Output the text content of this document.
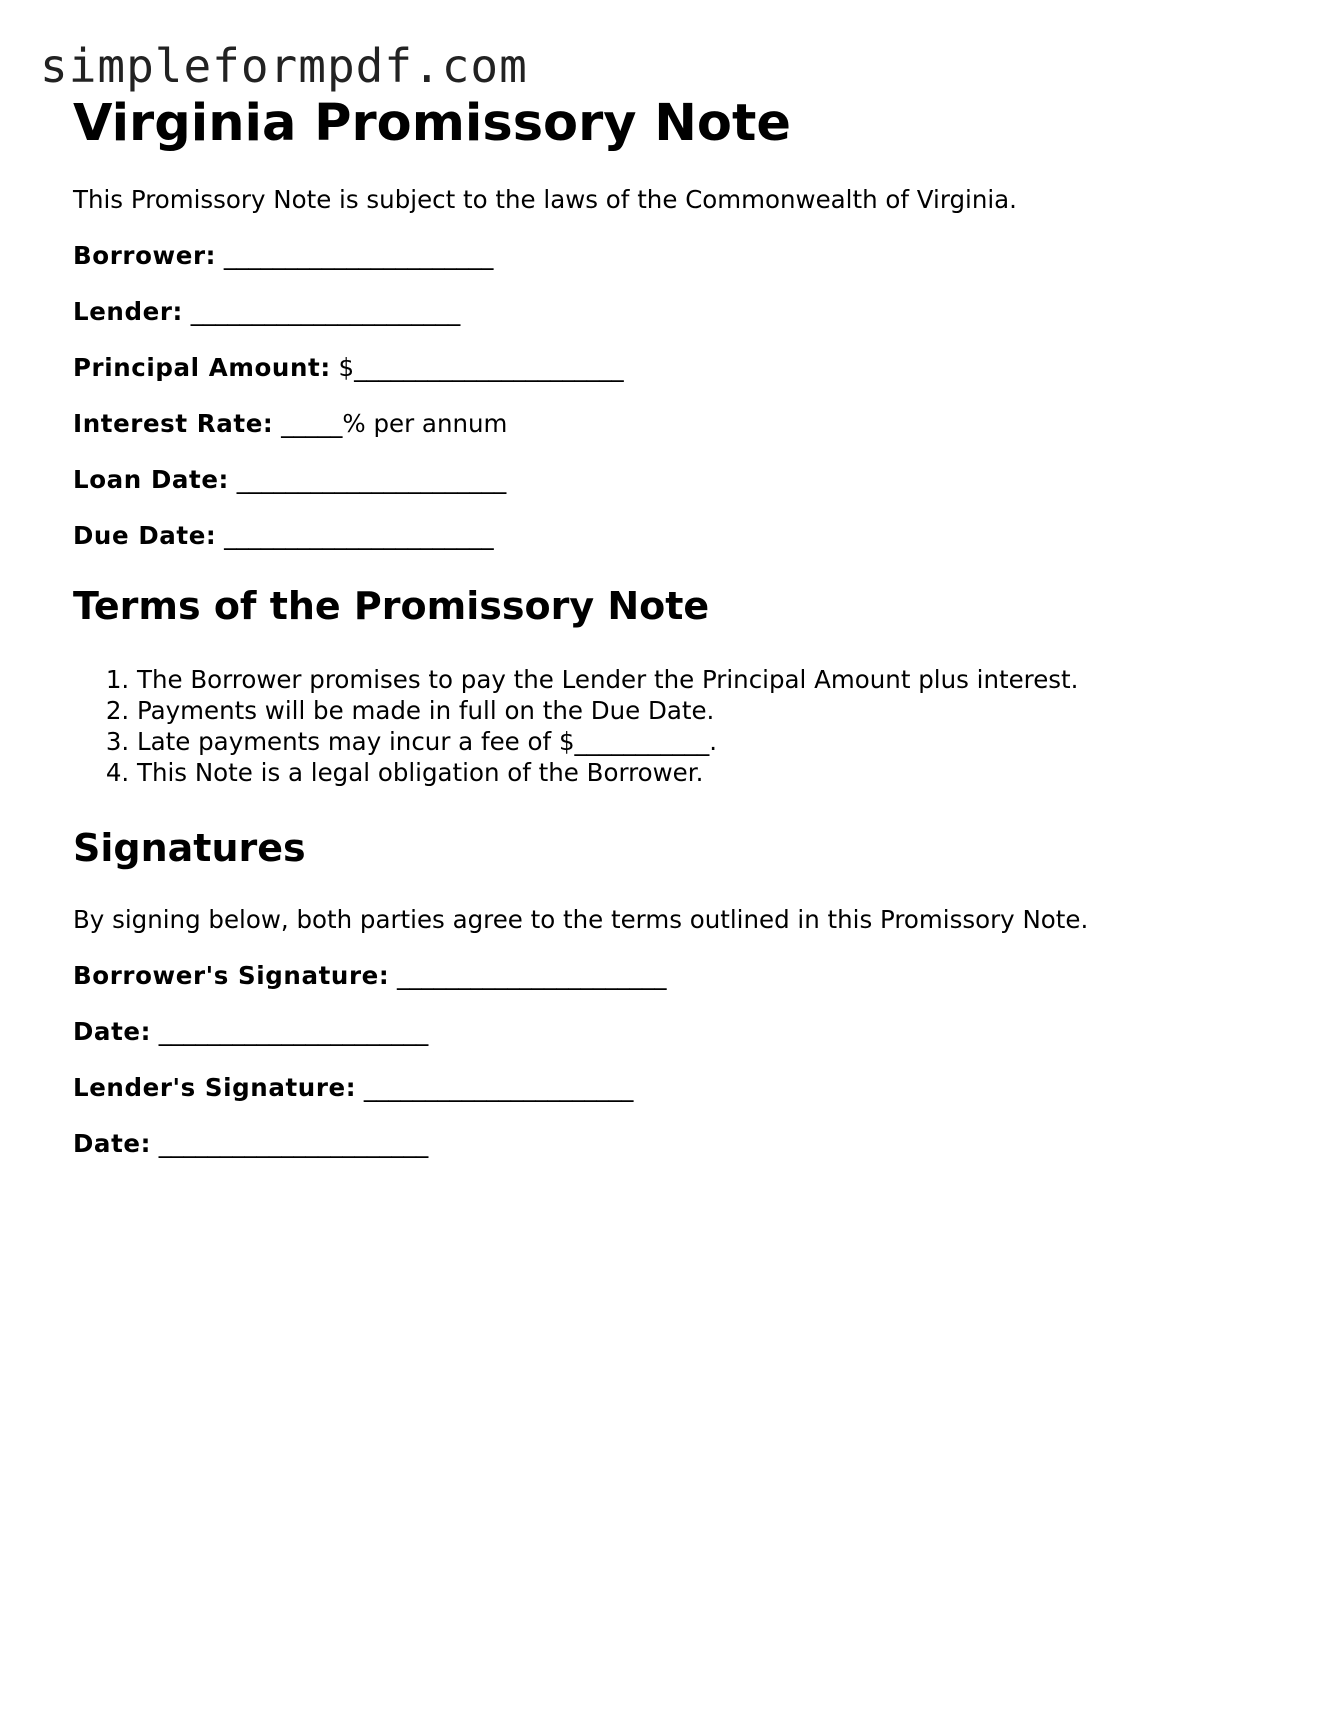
simpleformpdf.com
Virginia Promissory Note

This Promissory Note is subject to the laws of the Commonwealth of Virginia.

Borrower: ______________________

Lender: ______________________

Principal Amount: $______________________

Interest Rate: _____% per annum

Loan Date: ______________________

Due Date: ______________________

Terms of the Promissory Note
1. The Borrower promises to pay the Lender the Principal Amount plus interest.
2. Payments will be made in full on the Due Date.
3. Late payments may incur a fee of $___________.
4. This Note is a legal obligation of the Borrower.
Signatures

By signing below, both parties agree to the terms outlined in this Promissory Note.

Borrower's Signature: ______________________

Date: ______________________

Lender's Signature: ______________________

Date: ______________________
